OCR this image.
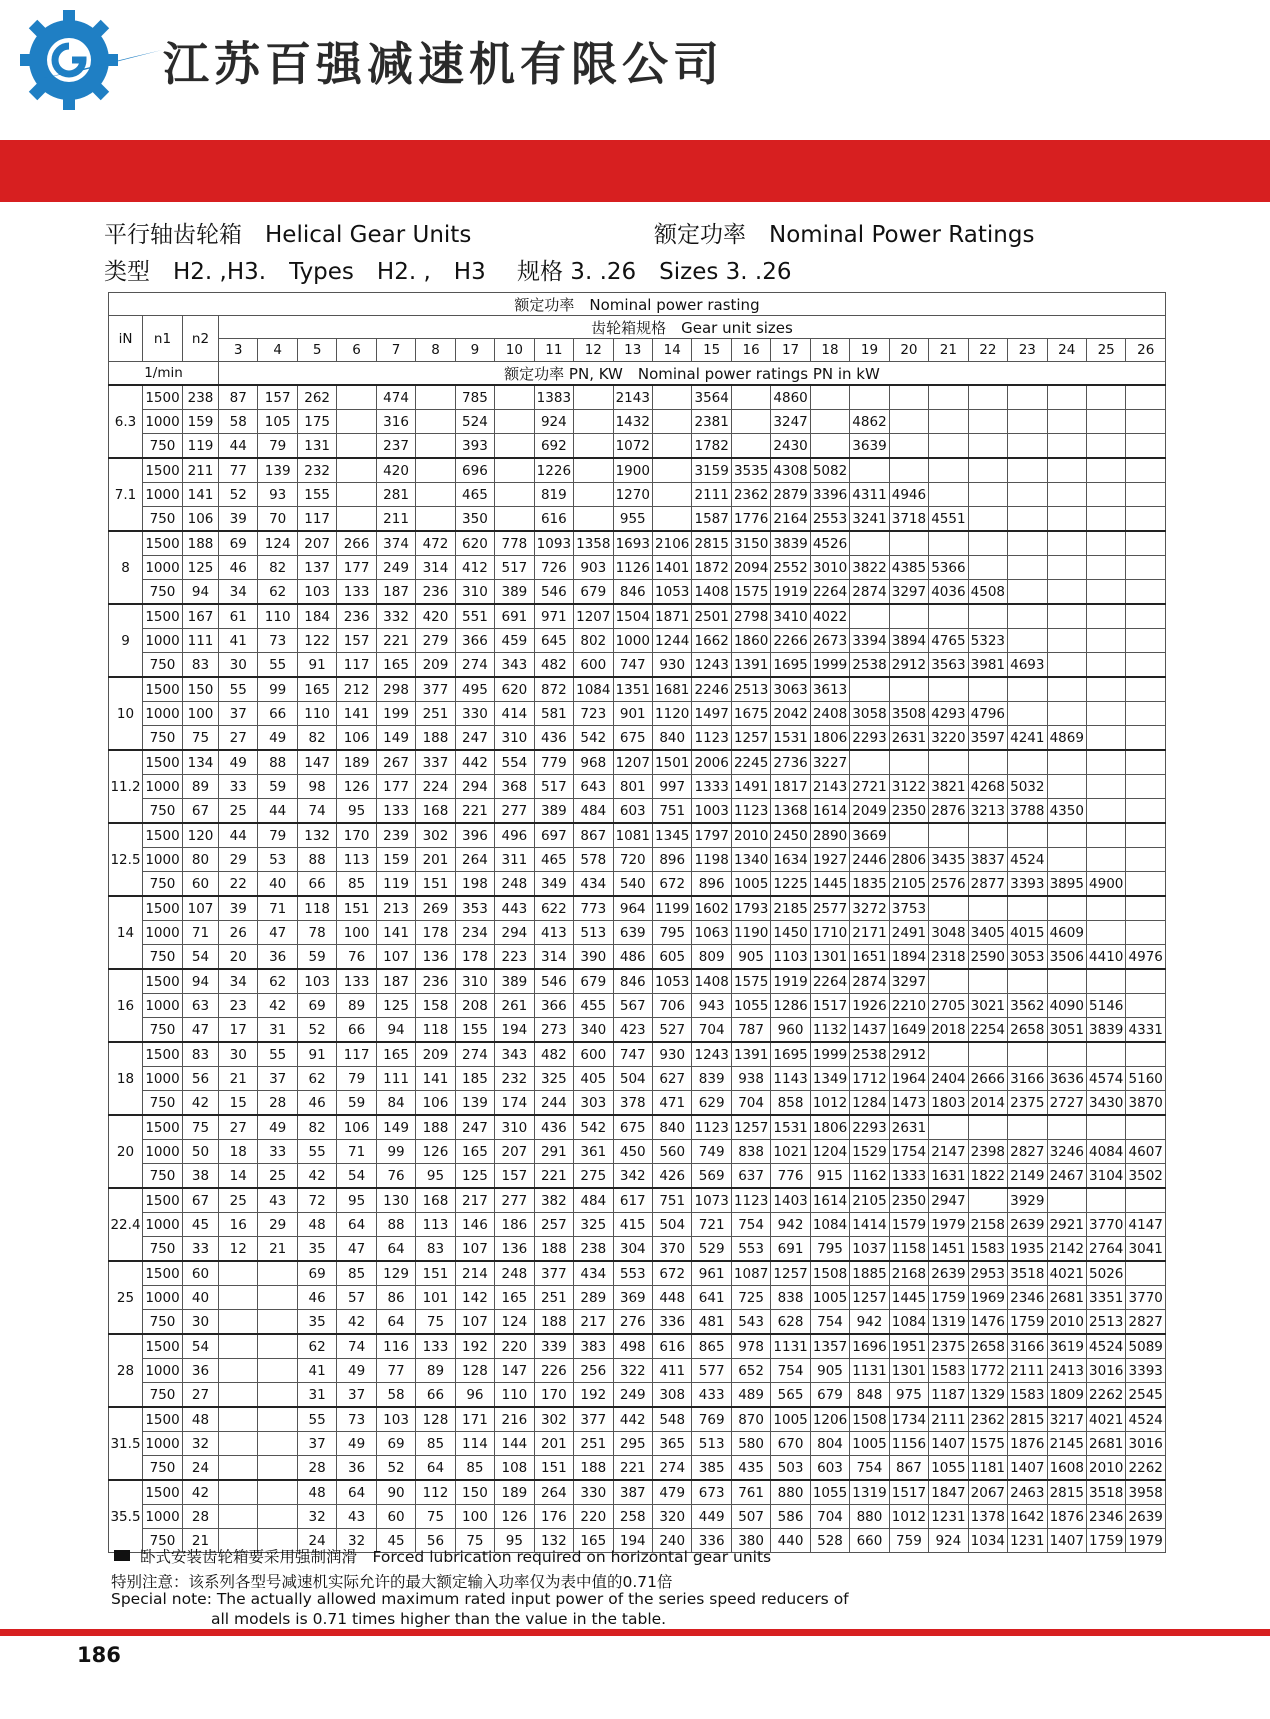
江苏百强减速机有限公司
平行轴齿轮箱　Helical Gear Units	额定功率　Nominal Power Ratings
类型　H2. ,H3.　Types　H2. ,　H3 规格 3. .26　Sizes 3. .26
额定功率　Nominal power rasting																										
iN	n1	n2	齿轮箱规格　Gear unit sizes																							
			3	4	5	6	7	8	9	10	11	12	13	14	15	16	17	18	19	20	21	22	23	24	25	26
1/min			额定功率 PN, KW　Nominal power ratings PN in kW																							
6.3	1500	238	87	157	262		474		785		1383		2143		3564		4860									
	1000	159	58	105	175		316		524		924		1432		2381		3247		4862							
	750	119	44	79	131		237		393		692		1072		1782		2430		3639							
7.1	1500	211	77	139	232		420		696		1226		1900		3159	3535	4308	5082								
	1000	141	52	93	155		281		465		819		1270		2111	2362	2879	3396	4311	4946						
	750	106	39	70	117		211		350		616		955		1587	1776	2164	2553	3241	3718	4551					
8	1500	188	69	124	207	266	374	472	620	778	1093	1358	1693	2106	2815	3150	3839	4526								
	1000	125	46	82	137	177	249	314	412	517	726	903	1126	1401	1872	2094	2552	3010	3822	4385	5366					
	750	94	34	62	103	133	187	236	310	389	546	679	846	1053	1408	1575	1919	2264	2874	3297	4036	4508				
9	1500	167	61	110	184	236	332	420	551	691	971	1207	1504	1871	2501	2798	3410	4022								
	1000	111	41	73	122	157	221	279	366	459	645	802	1000	1244	1662	1860	2266	2673	3394	3894	4765	5323				
	750	83	30	55	91	117	165	209	274	343	482	600	747	930	1243	1391	1695	1999	2538	2912	3563	3981	4693			
10	1500	150	55	99	165	212	298	377	495	620	872	1084	1351	1681	2246	2513	3063	3613								
	1000	100	37	66	110	141	199	251	330	414	581	723	901	1120	1497	1675	2042	2408	3058	3508	4293	4796				
	750	75	27	49	82	106	149	188	247	310	436	542	675	840	1123	1257	1531	1806	2293	2631	3220	3597	4241	4869		
11.2	1500	134	49	88	147	189	267	337	442	554	779	968	1207	1501	2006	2245	2736	3227								
	1000	89	33	59	98	126	177	224	294	368	517	643	801	997	1333	1491	1817	2143	2721	3122	3821	4268	5032			
	750	67	25	44	74	95	133	168	221	277	389	484	603	751	1003	1123	1368	1614	2049	2350	2876	3213	3788	4350		
12.5	1500	120	44	79	132	170	239	302	396	496	697	867	1081	1345	1797	2010	2450	2890	3669							
	1000	80	29	53	88	113	159	201	264	311	465	578	720	896	1198	1340	1634	1927	2446	2806	3435	3837	4524			
	750	60	22	40	66	85	119	151	198	248	349	434	540	672	896	1005	1225	1445	1835	2105	2576	2877	3393	3895	4900	
14	1500	107	39	71	118	151	213	269	353	443	622	773	964	1199	1602	1793	2185	2577	3272	3753						
	1000	71	26	47	78	100	141	178	234	294	413	513	639	795	1063	1190	1450	1710	2171	2491	3048	3405	4015	4609		
	750	54	20	36	59	76	107	136	178	223	314	390	486	605	809	905	1103	1301	1651	1894	2318	2590	3053	3506	4410	4976
16	1500	94	34	62	103	133	187	236	310	389	546	679	846	1053	1408	1575	1919	2264	2874	3297						
	1000	63	23	42	69	89	125	158	208	261	366	455	567	706	943	1055	1286	1517	1926	2210	2705	3021	3562	4090	5146	
	750	47	17	31	52	66	94	118	155	194	273	340	423	527	704	787	960	1132	1437	1649	2018	2254	2658	3051	3839	4331
18	1500	83	30	55	91	117	165	209	274	343	482	600	747	930	1243	1391	1695	1999	2538	2912						
	1000	56	21	37	62	79	111	141	185	232	325	405	504	627	839	938	1143	1349	1712	1964	2404	2666	3166	3636	4574	5160
	750	42	15	28	46	59	84	106	139	174	244	303	378	471	629	704	858	1012	1284	1473	1803	2014	2375	2727	3430	3870
20	1500	75	27	49	82	106	149	188	247	310	436	542	675	840	1123	1257	1531	1806	2293	2631						
	1000	50	18	33	55	71	99	126	165	207	291	361	450	560	749	838	1021	1204	1529	1754	2147	2398	2827	3246	4084	4607
	750	38	14	25	42	54	76	95	125	157	221	275	342	426	569	637	776	915	1162	1333	1631	1822	2149	2467	3104	3502
22.4	1500	67	25	43	72	95	130	168	217	277	382	484	617	751	1073	1123	1403	1614	2105	2350	2947		3929			
	1000	45	16	29	48	64	88	113	146	186	257	325	415	504	721	754	942	1084	1414	1579	1979	2158	2639	2921	3770	4147
	750	33	12	21	35	47	64	83	107	136	188	238	304	370	529	553	691	795	1037	1158	1451	1583	1935	2142	2764	3041
25	1500	60			69	85	129	151	214	248	377	434	553	672	961	1087	1257	1508	1885	2168	2639	2953	3518	4021	5026	
	1000	40			46	57	86	101	142	165	251	289	369	448	641	725	838	1005	1257	1445	1759	1969	2346	2681	3351	3770
	750	30			35	42	64	75	107	124	188	217	276	336	481	543	628	754	942	1084	1319	1476	1759	2010	2513	2827
28	1500	54			62	74	116	133	192	220	339	383	498	616	865	978	1131	1357	1696	1951	2375	2658	3166	3619	4524	5089
	1000	36			41	49	77	89	128	147	226	256	322	411	577	652	754	905	1131	1301	1583	1772	2111	2413	3016	3393
	750	27			31	37	58	66	96	110	170	192	249	308	433	489	565	679	848	975	1187	1329	1583	1809	2262	2545
31.5	1500	48			55	73	103	128	171	216	302	377	442	548	769	870	1005	1206	1508	1734	2111	2362	2815	3217	4021	4524
	1000	32			37	49	69	85	114	144	201	251	295	365	513	580	670	804	1005	1156	1407	1575	1876	2145	2681	3016
	750	24			28	36	52	64	85	108	151	188	221	274	385	435	503	603	754	867	1055	1181	1407	1608	2010	2262
35.5	1500	42			48	64	90	112	150	189	264	330	387	479	673	761	880	1055	1319	1517	1847	2067	2463	2815	3518	3958
	1000	28			32	43	60	75	100	126	176	220	258	320	449	507	586	704	880	1012	1231	1378	1642	1876	2346	2639
	750	21			24	32	45	56	75	95	132	165	194	240	336	380	440	528	660	759	924	1034	1231	1407	1759	1979
卧式安装齿轮箱要采用强制润滑　Forced lubrication required on horizontal gear units
特别注意：该系列各型号减速机实际允许的最大额定输入功率仅为表中值的0.71倍
Special note: The actually allowed maximum rated input power of the series speed reducers of
all models is 0.71 times higher than the value in the table.
186
